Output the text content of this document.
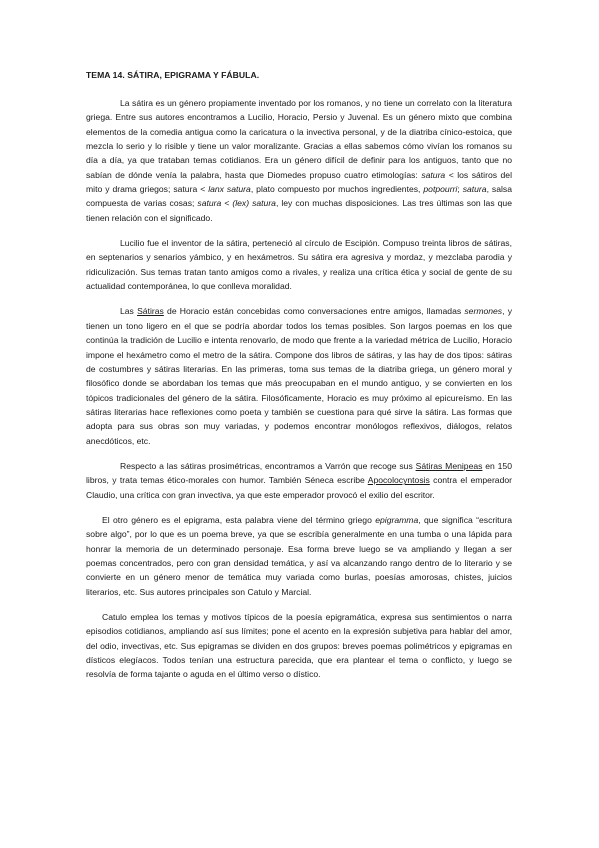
TEMA 14. SÁTIRA, EPIGRAMA Y FÁBULA.

La sátira es un género propiamente inventado por los romanos, y no tiene un correlato con la literatura griega. Entre sus autores encontramos a Lucilio, Horacio, Persio y Juvenal. Es un género mixto que combina elementos de la comedia antigua como la caricatura o la invectiva personal, y de la diatriba cínico-estoica, que mezcla lo serio y lo risible y tiene un valor moralizante. Gracias a ellas sabemos cómo vivían los romanos su día a día, ya que trataban temas cotidianos. Era un género difícil de definir para los antiguos, tanto que no sabían de dónde venía la palabra, hasta que Diomedes propuso cuatro etimologías: satura < los sátiros del mito y drama griegos; satura < lanx satura, plato compuesto por muchos ingredientes, potpourri; satura, salsa compuesta de varias cosas; satura < (lex) satura, ley con muchas disposiciones. Las tres últimas son las que tienen relación con el significado.

Lucilio fue el inventor de la sátira, perteneció al círculo de Escipión. Compuso treinta libros de sátiras, en septenarios y senarios yámbico, y en hexámetros. Su sátira era agresiva y mordaz, y mezclaba parodia y ridiculización. Sus temas tratan tanto amigos como a rivales, y realiza una crítica ética y social de gente de su actualidad contemporánea, lo que conlleva moralidad.

Las Sátiras de Horacio están concebidas como conversaciones entre amigos, llamadas sermones, y tienen un tono ligero en el que se podría abordar todos los temas posibles. Son largos poemas en los que continúa la tradición de Lucilio e intenta renovarlo, de modo que frente a la variedad métrica de Lucilio, Horacio impone el hexámetro como el metro de la sátira. Compone dos libros de sátiras, y las hay de dos tipos: sátiras de costumbres y sátiras literarias. En las primeras, toma sus temas de la diatriba griega, un género moral y filosófico donde se abordaban los temas que más preocupaban en el mundo antiguo, y se convierten en los tópicos tradicionales del género de la sátira. Filosóficamente, Horacio es muy próximo al epicureísmo. En las sátiras literarias hace reflexiones como poeta y también se cuestiona para qué sirve la sátira. Las formas que adopta para sus obras son muy variadas, y podemos encontrar monólogos reflexivos, diálogos, relatos anecdóticos, etc.

Respecto a las sátiras prosimétricas, encontramos a Varrón que recoge sus Sátiras Menipeas en 150 libros, y trata temas ético-morales con humor. También Séneca escribe Apocolocyntosis contra el emperador Claudio, una crítica con gran invectiva, ya que este emperador provocó el exilio del escritor.

El otro género es el epigrama, esta palabra viene del término griego epigramma, que significa “escritura sobre algo”, por lo que es un poema breve, ya que se escribía generalmente en una tumba o una lápida para honrar la memoria de un determinado personaje. Esa forma breve luego se va ampliando y llegan a ser poemas concentrados, pero con gran densidad temática, y así va alcanzando rango dentro de lo literario y se convierte en un género menor de temática muy variada como burlas, poesías amorosas, chistes, juicios literarios, etc. Sus autores principales son Catulo y Marcial.

Catulo emplea los temas y motivos típicos de la poesía epigramática, expresa sus sentimientos o narra episodios cotidianos, ampliando así sus límites; pone el acento en la expresión subjetiva para hablar del amor, del odio, invectivas, etc. Sus epigramas se dividen en dos grupos: breves poemas polimétricos y epigramas en dísticos elegíacos. Todos tenían una estructura parecida, que era plantear el tema o conflicto, y luego se resolvía de forma tajante o aguda en el último verso o dístico.
